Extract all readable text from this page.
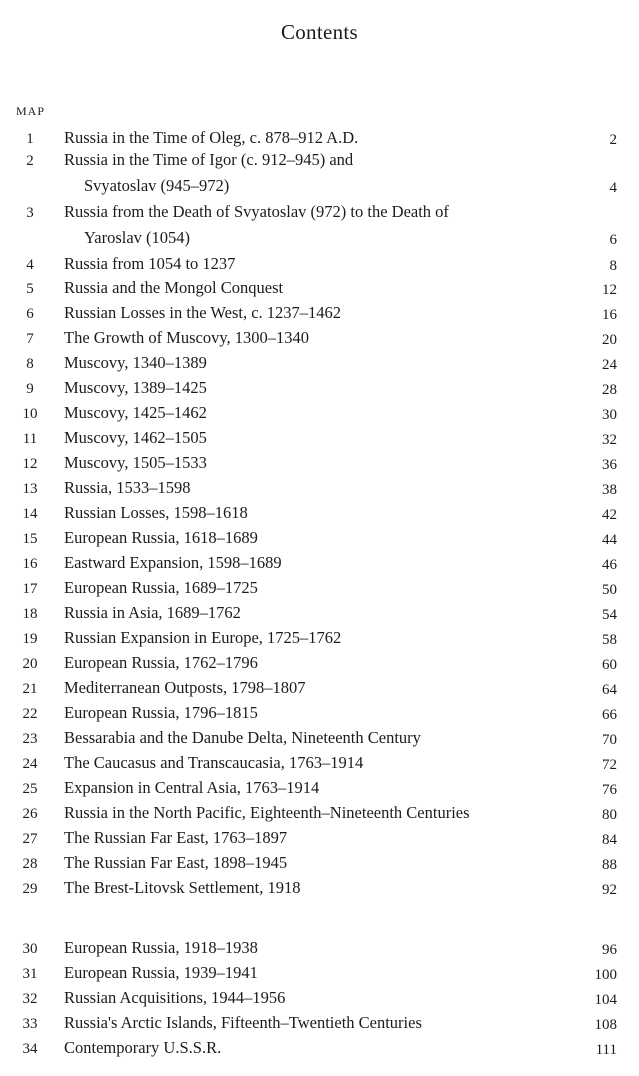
Contents
MAP
1	Russia in the Time of Oleg, c. 878–912 A.D.	2
2	Russia in the Time of Igor (c. 912–945) and
Svyatoslav (945–972)	4
3	Russia from the Death of Svyatoslav (972) to the Death of
Yaroslav (1054)	6
4	Russia from 1054 to 1237	8
5	Russia and the Mongol Conquest	12
6	Russian Losses in the West, c. 1237–1462	16
7	The Growth of Muscovy, 1300–1340	20
8	Muscovy, 1340–1389	24
9	Muscovy, 1389–1425	28
10	Muscovy, 1425–1462	30
11	Muscovy, 1462–1505	32
12	Muscovy, 1505–1533	36
13	Russia, 1533–1598	38
14	Russian Losses, 1598–1618	42
15	European Russia, 1618–1689	44
16	Eastward Expansion, 1598–1689	46
17	European Russia, 1689–1725	50
18	Russia in Asia, 1689–1762	54
19	Russian Expansion in Europe, 1725–1762	58
20	European Russia, 1762–1796	60
21	Mediterranean Outposts, 1798–1807	64
22	European Russia, 1796–1815	66
23	Bessarabia and the Danube Delta, Nineteenth Century	70
24	The Caucasus and Transcaucasia, 1763–1914	72
25	Expansion in Central Asia, 1763–1914	76
26	Russia in the North Pacific, Eighteenth–Nineteenth Centuries	80
27	The Russian Far East, 1763–1897	84
28	The Russian Far East, 1898–1945	88
29	The Brest-Litovsk Settlement, 1918	92
30	European Russia, 1918–1938	96
31	European Russia, 1939–1941	100
32	Russian Acquisitions, 1944–1956	104
33	Russia's Arctic Islands, Fifteenth–Twentieth Centuries	108
34	Contemporary U.S.S.R.	111
